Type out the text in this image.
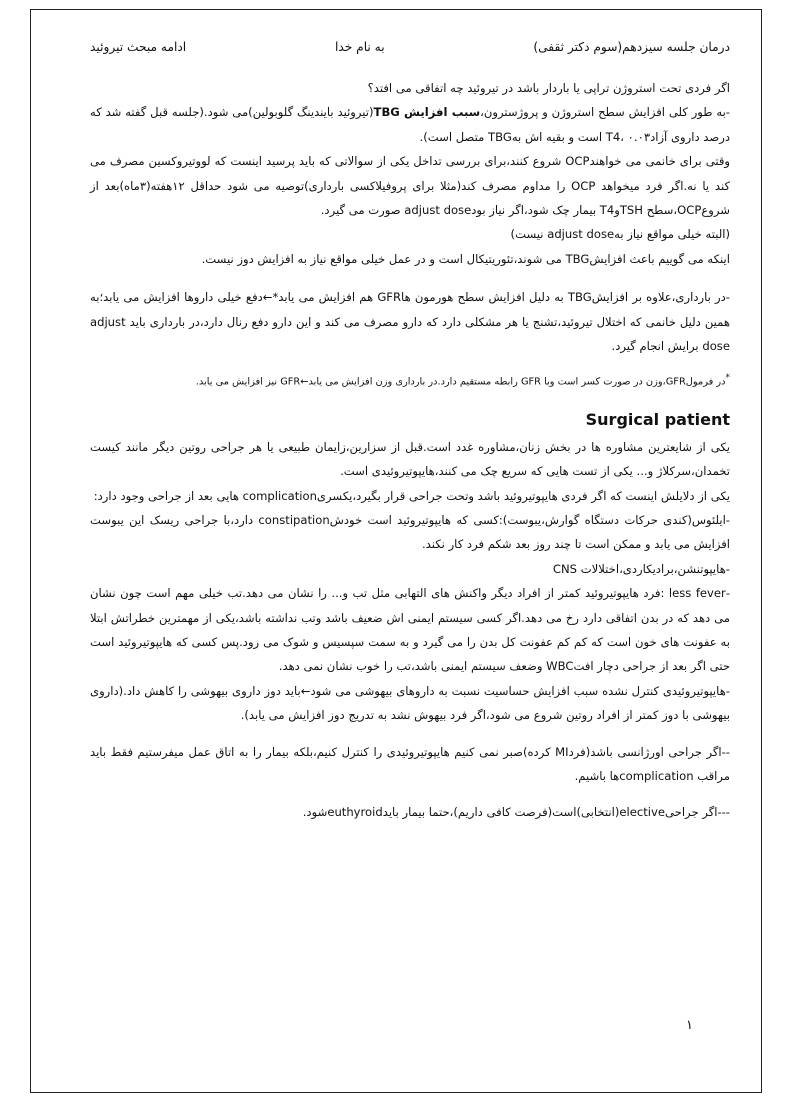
درمان جلسه سیزدهم(سوم دکتر ثقفی)
به نام خدا
ادامه مبحث تیروئید

اگر فردی تحت استروژن تراپی یا باردار باشد در تیروئید چه اتفاقی می افتد؟

-به طور کلی افزایش سطح استروژن و پروژسترون،سبب افزایش TBG(تیروئید بایندینگ گلوبولین)می شود.(جلسه قبل گفته شد که درصد داروی آزادT4، ۰.۰۳ است و بقیه اش بهTBG متصل است).

وقتی برای خانمی می خواهندOCP شروع کنند،برای بررسی تداخل یکی از سوالاتی که باید پرسید اینست که لووتیروکسین مصرف می کند یا نه.اگر فرد میخواهد OCP را مداوم مصرف کند(مثلا برای پروفیلاکسی بارداری)توصیه می شود حداقل ۱۲هفته(۳ماه)بعد از شروعOCP،سطح TSHوT4 بیمار چک شود،اگر نیاز بودadjust dose صورت می گیرد.

(البته خیلی مواقع نیاز بهadjust dose نیست)

اینکه می گوییم باعث افزایشTBG می شوند،تئوریتیکال است و در عمل خیلی مواقع نیاز به افزایش دوز نیست.

-در بارداری،علاوه بر افزایشTBG به دلیل افزایش سطح هورمون هاGFR هم افزایش می یابد*←دفع خیلی داروها افزایش می یابد؛به همین دلیل خانمی که اختلال تیروئید،تشنج یا هر مشکلی دارد که دارو مصرف می کند و این دارو دفع رنال دارد،در بارداری باید adjust dose برایش انجام گیرد.

*در فرمولGFR،وزن در صورت کسر است وبا GFR رابطه مستقیم دارد.در بارداری وزن افزایش می یابد←GFR نیز افزایش می یابد.

Surgical patient

یکی از شایعترین مشاوره ها در بخش زنان،مشاوره غدد است.قبل از سزارین،زایمان طبیعی یا هر جراحی روتین دیگر مانند کیست تخمدان،سرکلاژ و... یکی از تست هایی که سریع چک می کنند،هایپوتیروئیدی است.

یکی از دلایلش اینست که اگر فردی هایپوتیروئید باشد وتحت جراحی قرار بگیرد،یکسریcomplication هایی بعد از جراحی وجود دارد:

-ایلئوس(کندی حرکات دستگاه گوارش،یبوست):کسی که هایپوتیروئید است خودشconstipation دارد،با جراحی ریسک این یبوست افزایش می یابد و ممکن است تا چند روز بعد شکم فرد کار نکند.

-هایپوتنشن،برادیکاردی،اختلالات CNS

-less fever :فرد هایپوتیروئید کمتر از افراد دیگر واکنش های التهابی مثل تب و... را نشان می دهد.تب خیلی مهم است چون نشان می دهد که در بدن اتفاقی دارد رخ می دهد.اگر کسی سیستم ایمنی اش ضعیف باشد وتب نداشته باشد،یکی از مهمترین خطراتش ابتلا به عفونت های خون است که کم کم عفونت کل بدن را می گیرد و به سمت سپسیس و شوک می رود.پس کسی که هایپوتیروئید است حتی اگر بعد از جراحی دچار افتWBC وضعف سیستم ایمنی باشد،تب را خوب نشان نمی دهد.

-هایپوتیروئیدی کنترل نشده سبب افزایش حساسیت نسبت به داروهای بیهوشی می شود←باید دوز داروی بیهوشی را کاهش داد.(داروی بیهوشی با دوز کمتر از افراد روتین شروع می شود،اگر فرد بیهوش نشد به تدریج دوز افزایش می یابد).

--اگر جراحی اورژانسی باشد(فردMI کرده)صبر نمی کنیم هایپوتیروئیدی را کنترل کنیم،بلکه بیمار را به اتاق عمل میفرستیم فقط باید مراقب complicationها باشیم.

---اگر جراحیelective(انتخابی)است(فرصت کافی داریم)،حتما بیمار بایدeuthyroidشود.

۱
